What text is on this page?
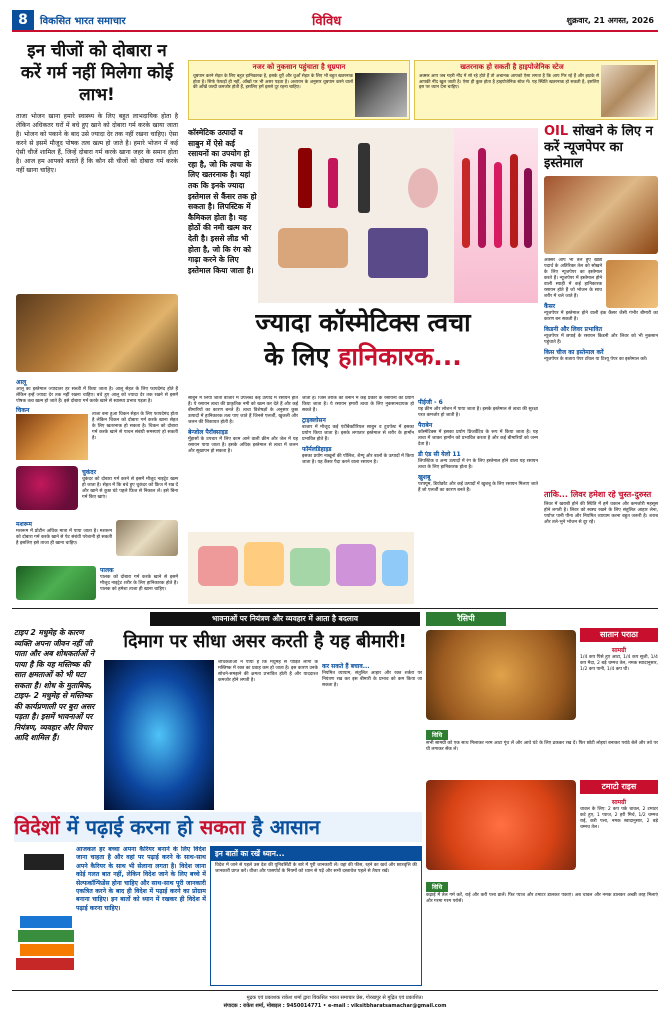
8	विकसित भारत समाचार	विविध	शुक्रवार, 21 अगस्त, 2026
इन चीजों को दोबारा न करें गर्म नहीं मिलेगा कोई लाभ!
ताजा भोजन खाना हमारे स्वास्थ्य के लिए बहुत लाभदायिक होता है लेकिन अधिकतर घरों में बचे हुए खाने को दोबारा गर्म करके खाया जाता है। भोजन को पकाने के बाद उसे ज्यादा देर तक नहीं रखना चाहिए। ऐसा करने से इसमें मौजूद पोषक तत्व खत्म हो जाते है। हमारे भोजन में कई ऐसी चीजें शामिल हैं, जिन्हें दोबारा गर्म करके खाना जहर के समान होता है। आज हम आपको बताते हैं कि कौन सी चीजों को दोबारा गर्म करके नहीं खाना चाहिए।
आलू
आलू का इस्तेमाल ज्यादातर हर सब्जी में किया जाता है। आलू सेहत के लिए फायदेमंद होते हैं लेकिन इन्हें ज्यादा देर तक नहीं रखना चाहिए। बचे हुए आलू को ज्यादा देर तक रखने से इसमें पोषक तत्व खत्म हो जाते हैं। इसे दोबारा गर्म करके खाने से स्वास्थ्य प्रभाव पड़ता है।
ताजा बना हुआ चिकन सेहत के लिए फायदेमंद होता है लेकिन चिकन को दोबारा गर्म करके खाना सेहत के लिए खतरनाक हो सकता है। चिकन को दोबारा गर्म करके खाने से पाचन संबंधी समस्याएं हो सकती है।
चिकन
चुकंदर
चुकंदर को दोबारा गर्म करने से इसमें मौजूद नाइट्रेट खत्म हो जाता है। सेहत में कि बचे हुए चुकंदर को फ्रिज में रख दें और खाने से कुछ घंटे पहले फ्रिज से निकाल लें। इसे बिना गर्म किए खाएं।
मशरूम
मशरूम में प्रोटीन अधिक मात्रा में पाया जाता है। मशरूम को दोबारा गर्म करके खाने से पेट संबंधी परेशानी हो सकती है इसलिए इसे ताजा ही खाना चाहिए।
पालक
पालक को दोबारा गर्म करके खाने से इसमें मौजूद नाइट्रेट शरीर के लिए हानिकारक होते हैं। पालक को हमेशा ताजा ही खाना चाहिए।
नजर को नुकसान पहुंचाता है धूम्रपान
धूम्रपान करने सेहत के लिए बहुत हानिकारक है, इसके धुएँ और धुआँ सेहत के लिए भी बहुत खतरनाक होता है। सिर्फ फेफड़ों ही नहीं, आँखों पर भी असर पड़ता है। अध्ययन के अनुसार धूम्रपान करने वालों की आँखें जल्दी कमजोर होती हैं, इसलिए हमें इससे दूर रहना चाहिए।
खतरनाक हो सकती है हाइपोजेनिक स्टेज
अक्सर आप जब गहरी नींद में सो रहे होते हैं तो अचानक आपको ऐसा लगता है कि आप गिर रहे हैं और झटके से आपकी नींद खुल जाती है। ऐसा ही कुछ होता है हाइपोजेनिक स्टेज में। यह स्थिति खतरनाक हो सकती है, इसलिए इस पर ध्यान देना चाहिए।
कॉस्मेटिक उत्पादों व साबुन में ऐसे कई रसायनों का उपयोग हो रहा है, जो कि त्वचा के लिए खतरनाक है। यहां तक कि इनके ज्यादा इस्तेमाल से कैंसर तक हो सकता है। लिपस्टिक में कैमिकल होता है। यह होठों की नमी खत्म कर देती है। इससे लीड भी होता है, जो कि रंग को गाढ़ा करने के लिए इस्तेमाल किया जाता है।
ज्यादा कॉस्मेटिक्स त्वचा
के लिए हानिकारक...
साबुन में लिया जाता बाजार में उपलब्ध कई उत्पाद में रसायन होते हैं। ये रसायन त्वचा की प्राकृतिक नमी को खत्म कर देते हैं और कई बीमारियों का कारण बनते हैं। त्वचा विशेषज्ञों के अनुसार कुछ उत्पादों में हानिकारक तत्व पाए जाते हैं जिनसे एलर्जी, खुजली और जलन की शिकायत होती है।
बेन्जोल पैरॉक्साइड
मुँहासों के उपचार में लिए काम आने वाली क्रीम और जेल में यह रसायन पाया जाता है। इसके अधिक इस्तेमाल से त्वचा में जलन और सूखापन हो सकता है।
जाती है। जिस तरीके को बनाने में कई प्रकार के रसायनों का प्रयोग किया जाता है। ये रसायन हमारी त्वचा के लिए नुकसानदायक हो सकते हैं।
ट्राइक्लोसन
बाजार में मौजूद कई एंटीबैक्टीरियल साबुन व टूथपेस्ट में इसका प्रयोग किया जाता है। इसके लगातार इस्तेमाल से शरीर के हार्मोन प्रभावित होते हैं।
फॉर्मलडिहाइड
इसका प्रयोग नाखूनों की पॉलिश, शैम्पू और बालों के उत्पादों में किया जाता है। यह कैंसर पैदा करने वाला रसायन है।
पीईजी - 6
यह क्रीम और लोशन में पाया जाता है। इसके इस्तेमाल से त्वचा की सुरक्षा परत कमजोर हो जाती है।
पैराबेन
कॉस्मेटिक्स में इसका प्रयोग प्रिजर्वेटिव के रूप में किया जाता है। यह त्वचा में जाकर हार्मोन को प्रभावित करता है और कई बीमारियों को जन्म देता है।
डी एंड सी येलो 11
लिपस्टिक व अन्य उत्पादों में रंग के लिए इस्तेमाल होने वाला यह रसायन त्वचा के लिए हानिकारक होता है।
खुशबू
परफ्यूम, डियोडरेंट और कई उत्पादों में खुशबू के लिए रसायन मिलाए जाते हैं जो एलर्जी का कारण बनते हैं।
OIL सोखने के लिए न करें न्यूजपेपर का इस्तेमाल
अक्सर आप भी तले हुए खाद्य पदार्थ के अतिरिक्त तेल को सोखने के लिए न्यूजपेपर का इस्तेमाल करते हैं। न्यूजपेपर में इस्तेमाल होने वाली स्याही में कई हानिकारक रसायन होते हैं जो भोजन के साथ शरीर में चले जाते हैं।
कैंसर
न्यूजपेपर में इस्तेमाल होने वाली इंक कैंसर जैसी गंभीर बीमारी का कारण बन सकती है।
किडनी और लिवर प्रभावित
न्यूजपेपर में छपाई के रसायन किडनी और लिवर को भी नुकसान पहुंचाते हैं।
किस चीज का इस्तेमाल करें
न्यूजपेपर के बजाय पेपर टॉवल या टिश्यू पेपर का इस्तेमाल करें।
ताकि... लिवर हमेशा रहे चुस्त-दुरुस्त
लिवर में खराबी होने की स्थिति में हमें थकान और कमजोरी महसूस होने लगती है। लिवर को स्वस्थ रखने के लिए संतुलित आहार लेना, पर्याप्त पानी पीना और नियमित व्यायाम करना बहुत जरूरी है। शराब और तले-भुने भोजन से दूर रहें।
भावनाओं पर नियंत्रण और व्यवहार में आता है बदलाव
दिमाग पर सीधा असर करती है यह बीमारी!
टाइप 2 मधुमेह के कारण व्यक्ति अपना जीवन नहीं जी पाता और अब शोधकर्ताओं ने पाया है कि यह मस्तिष्क की सात क्षमताओं को भी घटा सकता है। शोध के मुताबिक, टाइप- 2 मधुमेह से मस्तिष्क की कार्यप्रणाली पर बुरा असर पड़ता है। इसमें भावनाओं पर नियंत्रण, व्यवहार और विचार आदि शामिल हैं।
शोधकर्ताओं ने पाया है कि मधुमेह से पीड़ित लोगों के मस्तिष्क में रक्त का प्रवाह कम हो जाता है। इस कारण उनके सोचने-समझने की क्षमता प्रभावित होती है और याददाश्त कमजोर होने लगती है।
कर सकते हैं बचाव...
नियमित व्यायाम, संतुलित आहार और रक्त शर्करा पर नियंत्रण रख कर इस बीमारी के प्रभाव को कम किया जा सकता है।
विदेशों में पढ़ाई करना हो सकता है आसान
आजकल हर बच्चा अपना कैरियर बनाने के लिए विदेश जाना चाहता है और वहां पर पढ़ाई करने के साथ-साथ अपने कैरियर के साथ भी सेलाना लगता है। विदेश जाना कोई गलत बात नहीं, लेकिन विदेश जाने के लिए बच्चे में सेल्फकॉन्फिडेंस होना चाहिए और साथ-साथ पूरी जानकारी एकत्रित करने के बाद ही विदेश में पढ़ाई करने का प्रोग्राम बनाना चाहिए। इन बातों को ध्यान में रखकर ही विदेश में पढ़ाई करना चाहिए।
इन बातों का रखें ध्यान...
विदेश में जाने से पहले उस देश की यूनिवर्सिटी के बारे में पूरी जानकारी लें। वहां की फीस, रहने का खर्च और छात्रवृत्ति की जानकारी प्राप्त करें। वीजा और पासपोर्ट के नियमों को ध्यान से पढ़ें और सभी दस्तावेज पहले से तैयार रखें।
रैसिपी
सातान पराठा
सामग्री
1/4 कप पिसे हुए आटा, 1/4 कप सूजी, 1/4 कप मैदा, 2 बड़े चम्मच तेल, नमक स्वादानुसार, 1/2 कप पानी, 1/4 कप घी।
विधि
सभी सामग्री को एक साथ मिलाकर नरम आटा गूंथ लें और आधे घंटे के लिए ढककर रख दें। फिर छोटी लोइयां बनाकर परांठे बेलें और तवे पर घी लगाकर सेंक लें।
टमाटो राइस
सामग्री
चावल के लिए: 2 कप पके चावल, 2 टमाटर कटे हुए, 1 प्याज, 2 हरी मिर्च, 1/2 चम्मच राई, करी पत्ता, नमक स्वादानुसार, 2 बड़े चम्मच तेल।
विधि
कढ़ाई में तेल गर्म करें, राई और करी पत्ता डालें। फिर प्याज और टमाटर डालकर पकाएं। अब चावल और नमक डालकर अच्छी तरह मिलाएं और गरमा गरम परोसें।
मुद्रक एवं प्रकाशक राकेश शर्मा द्वारा विकसित भारत समाचार प्रेस, गोरखपुर से मुद्रित एवं प्रकाशित।
संपादक : राकेश शर्मा, मोबाइल : 9450014771 • e-mail : viksitbharatsamachar@gmail.com
